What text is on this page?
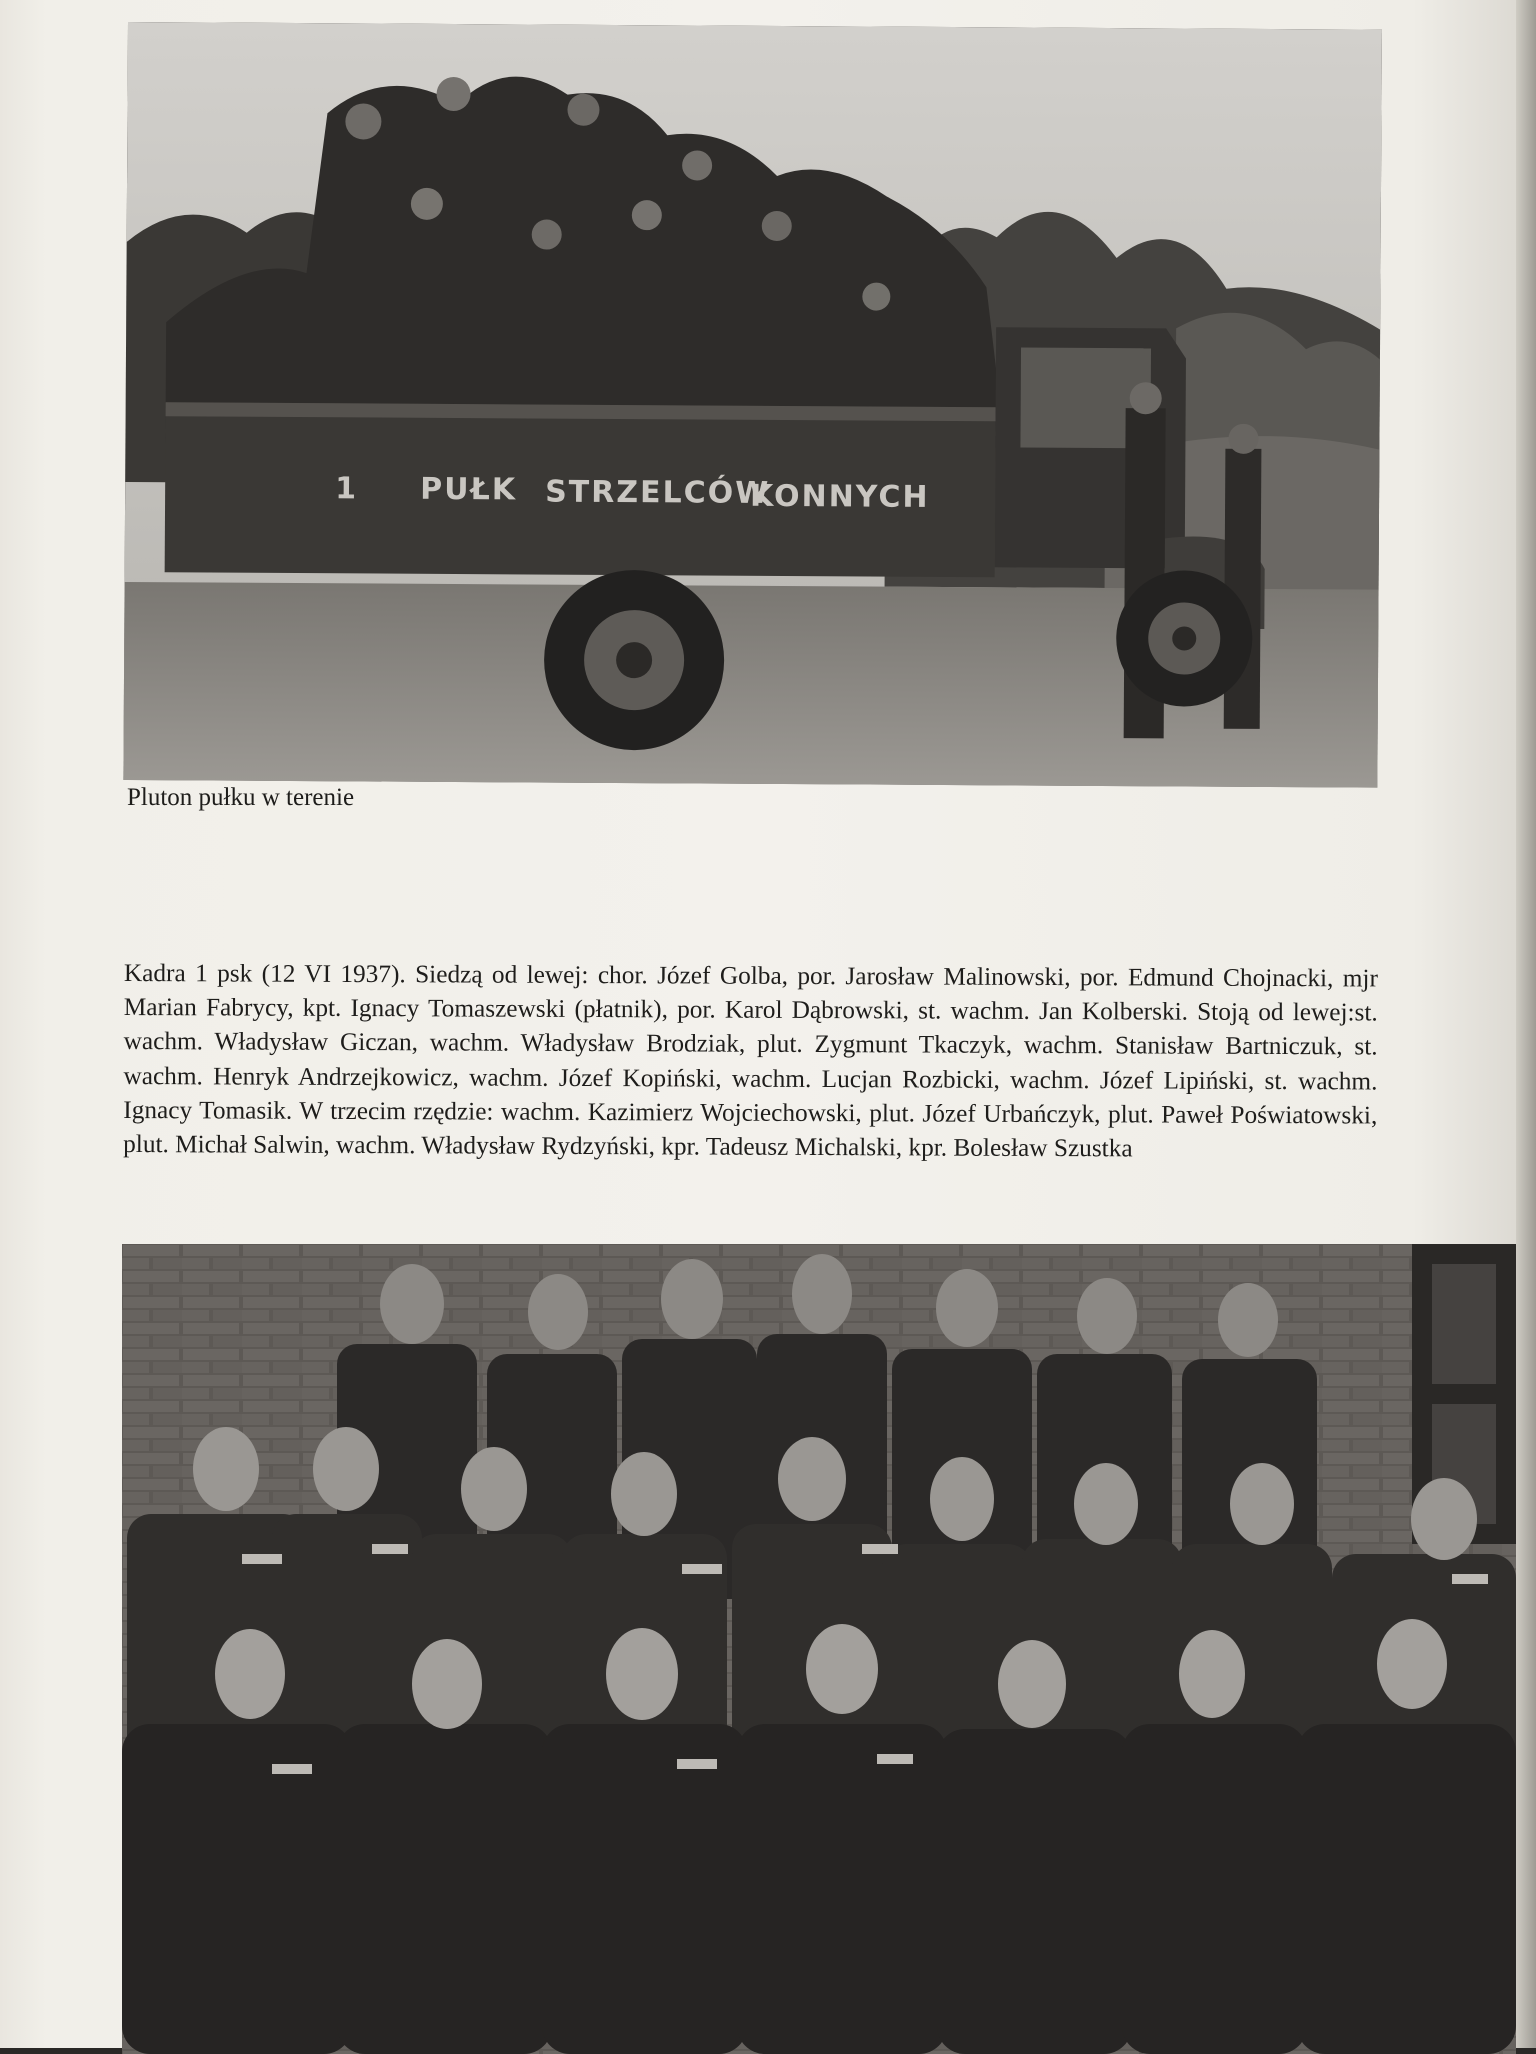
1 PUŁK STRZELCÓW
KONNYCH

Pluton pułku w terenie

Kadra 1 psk (12 VI 1937). Siedzą od lewej: chor. Józef Golba, por. Jarosław Malinowski, por. Edmund Chojnacki, mjr Marian Fabrycy, kpt. Ignacy Tomaszewski (płatnik), por. Karol Dąbrowski, st. wachm. Jan Kolberski. Stoją od lewej:st. wachm. Władysław Giczan, wachm. Władysław Brodziak, plut. Zygmunt Tkaczyk, wachm. Stanisław Bartniczuk, st. wachm. Henryk Andrzejkowicz, wachm. Józef Kopiński, wachm. Lucjan Rozbicki, wachm. Józef Lipiński, st. wachm. Ignacy Tomasik. W trzecim rzędzie: wachm. Kazimierz Wojciechowski, plut. Józef Urbańczyk, plut. Paweł Poświatowski, plut. Michał Salwin, wachm. Władysław Rydzyński, kpr. Tadeusz Michalski, kpr. Bolesław Szustka
